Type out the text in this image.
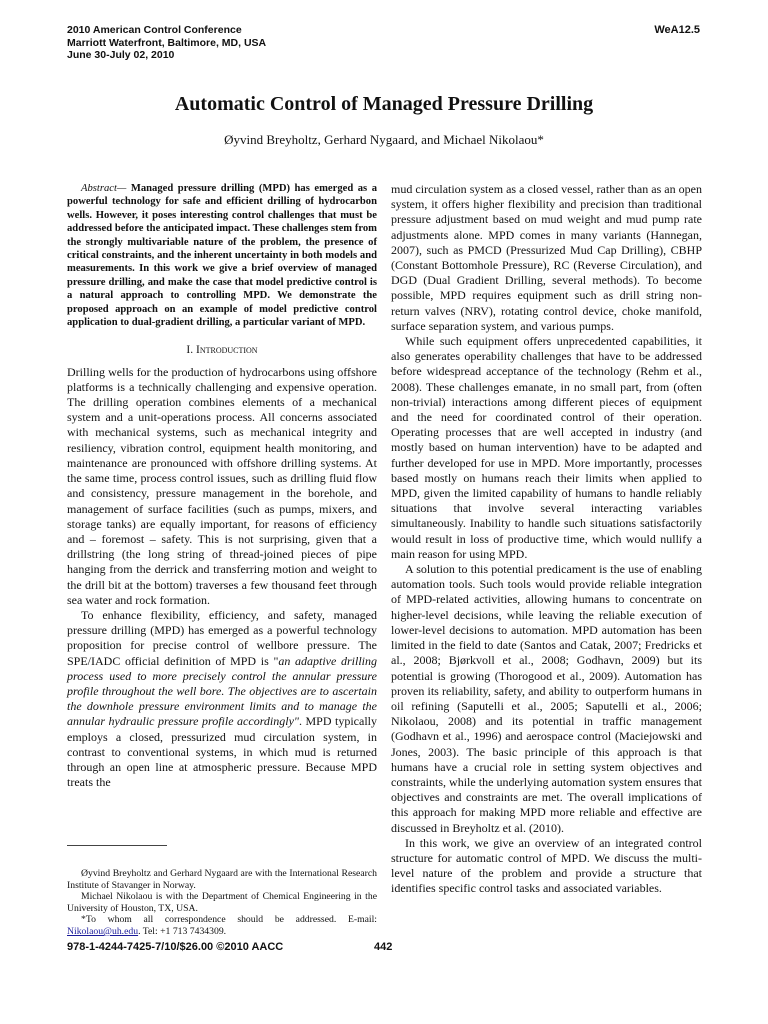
2010 American Control Conference
Marriott Waterfront, Baltimore, MD, USA
June 30-July 02, 2010
WeA12.5
Automatic Control of Managed Pressure Drilling
Øyvind Breyholtz, Gerhard Nygaard, and Michael Nikolaou*

Abstract— Managed pressure drilling (MPD) has emerged as a powerful technology for safe and efficient drilling of hydrocarbon wells. However, it poses interesting control challenges that must be addressed before the anticipated impact. These challenges stem from the strongly multivariable nature of the problem, the presence of critical constraints, and the inherent uncertainty in both models and measurements. In this work we give a brief overview of managed pressure drilling, and make the case that model predictive control is a natural approach to controlling MPD. We demonstrate the proposed approach on an example of model predictive control application to dual-gradient drilling, a particular variant of MPD.

I. Introduction

Drilling wells for the production of hydrocarbons using offshore platforms is a technically challenging and expensive operation. The drilling operation combines elements of a mechanical system and a unit-operations process. All concerns associated with mechanical systems, such as mechanical integrity and resiliency, vibration control, equipment health monitoring, and maintenance are pronounced with offshore drilling systems. At the same time, process control issues, such as drilling fluid flow and consistency, pressure management in the borehole, and management of surface facilities (such as pumps, mixers, and storage tanks) are equally important, for reasons of efficiency and – foremost – safety. This is not surprising, given that a drillstring (the long string of thread-joined pieces of pipe hanging from the derrick and transferring motion and weight to the drill bit at the bottom) traverses a few thousand feet through sea water and rock formation.

To enhance flexibility, efficiency, and safety, managed pressure drilling (MPD) has emerged as a powerful technology proposition for precise control of wellbore pressure. The SPE/IADC official definition of MPD is "an adaptive drilling process used to more precisely control the annular pressure profile throughout the well bore. The objectives are to ascertain the downhole pressure environment limits and to manage the annular hydraulic pressure profile accordingly". MPD typically employs a closed, pressurized mud circulation system, in contrast to conventional systems, in which mud is returned through an open line at atmospheric pressure. Because MPD treats the

mud circulation system as a closed vessel, rather than as an open system, it offers higher flexibility and precision than traditional pressure adjustment based on mud weight and mud pump rate adjustments alone. MPD comes in many variants (Hannegan, 2007), such as PMCD (Pressurized Mud Cap Drilling), CBHP (Constant Bottomhole Pressure), RC (Reverse Circulation), and DGD (Dual Gradient Drilling, several methods). To become possible, MPD requires equipment such as drill string non-return valves (NRV), rotating control device, choke manifold, surface separation system, and various pumps.

While such equipment offers unprecedented capabilities, it also generates operability challenges that have to be addressed before widespread acceptance of the technology (Rehm et al., 2008). These challenges emanate, in no small part, from (often non-trivial) interactions among different pieces of equipment and the need for coordinated control of their operation. Operating processes that are well accepted in industry (and mostly based on human intervention) have to be adapted and further developed for use in MPD. More importantly, processes based mostly on humans reach their limits when applied to MPD, given the limited capability of humans to handle reliably situations that involve several interacting variables simultaneously. Inability to handle such situations satisfactorily would result in loss of productive time, which would nullify a main reason for using MPD.

A solution to this potential predicament is the use of enabling automation tools. Such tools would provide reliable integration of MPD-related activities, allowing humans to concentrate on higher-level decisions, while leaving the reliable execution of lower-level decisions to automation. MPD automation has been limited in the field to date (Santos and Catak, 2007; Fredricks et al., 2008; Bjørkvoll et al., 2008; Godhavn, 2009) but its potential is growing (Thorogood et al., 2009). Automation has proven its reliability, safety, and ability to outperform humans in oil refining (Saputelli et al., 2005; Saputelli et al., 2006; Nikolaou, 2008) and its potential in traffic management (Godhavn et al., 1996) and aerospace control (Maciejowski and Jones, 2003). The basic principle of this approach is that humans have a crucial role in setting system objectives and constraints, while the underlying automation system ensures that objectives and constraints are met. The overall implications of this approach for making MPD more reliable and effective are discussed in Breyholtz et al. (2010).

In this work, we give an overview of an integrated control structure for automatic control of MPD. We discuss the multi-level nature of the problem and provide a structure that identifies specific control tasks and associated variables.

Øyvind Breyholtz and Gerhard Nygaard are with the International Research Institute of Stavanger in Norway.

Michael Nikolaou is with the Department of Chemical Engineering in the University of Houston, TX, USA.

*To whom all correspondence should be addressed. E-mail: Nikolaou@uh.edu. Tel: +1 713 7434309.

978-1-4244-7425-7/10/$26.00 ©2010 AACC	442
